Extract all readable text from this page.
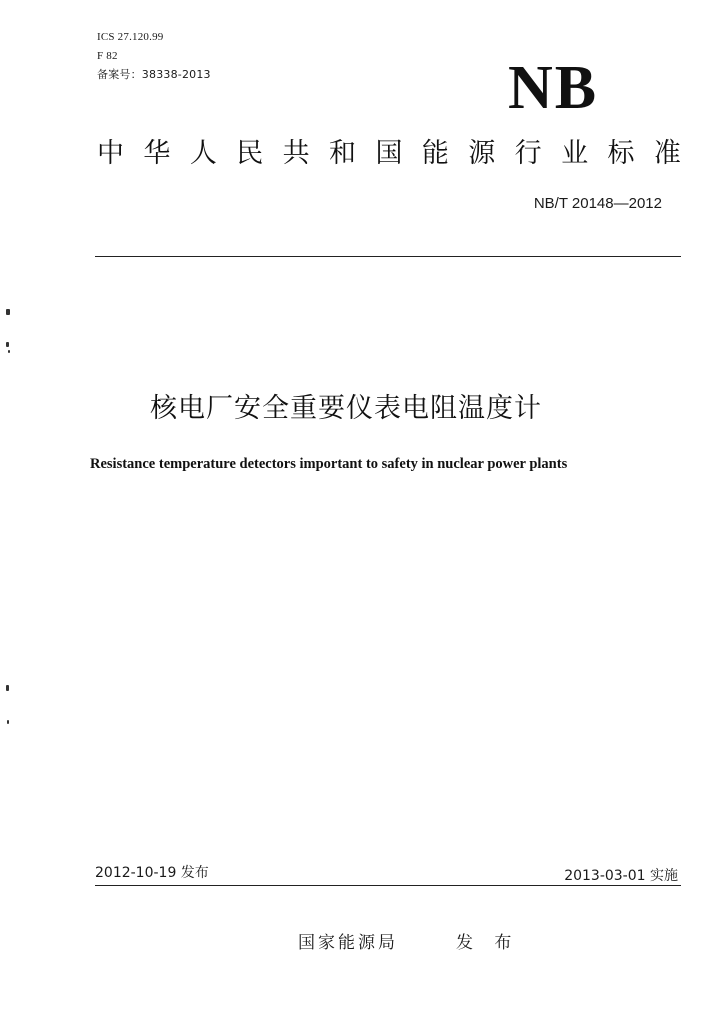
ICS 27.120.99
F 82
备案号：38338-2013	NB
中 华 人 民 共 和 国 能 源 行 业 标 准
NB/T 20148—2012
核电厂安全重要仪表电阻温度计
Resistance temperature detectors important to safety in nuclear power plants
2012-10-19 发布	2013-03-01 实施
国家能源局	发 布
